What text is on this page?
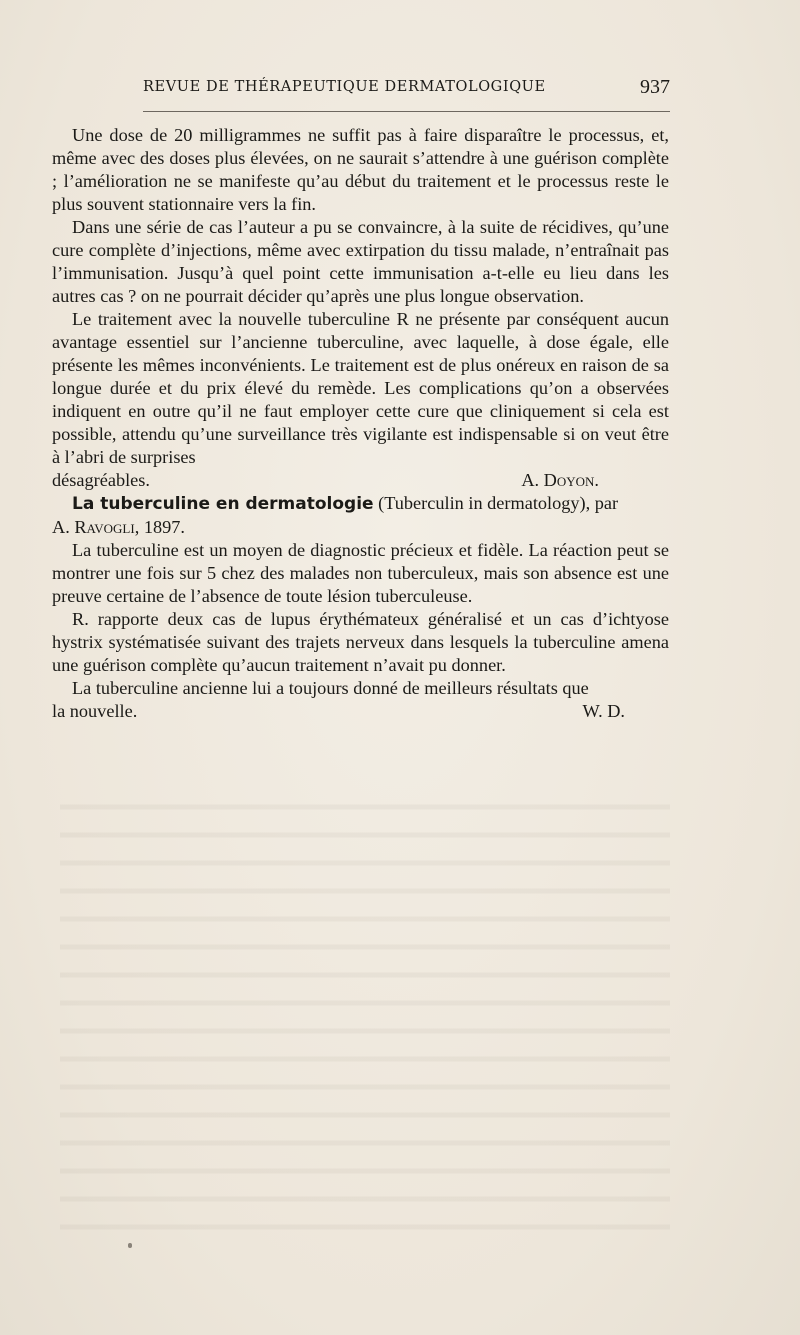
REVUE DE THÉRAPEUTIQUE DERMATOLOGIQUE	937

Une dose de 20 milligrammes ne suffit pas à faire disparaître le processus, et, même avec des doses plus élevées, on ne saurait s’attendre à une guérison complète ; l’amélioration ne se manifeste qu’au début du traitement et le processus reste le plus souvent stationnaire vers la fin.

Dans une série de cas l’auteur a pu se convaincre, à la suite de récidives, qu’une cure complète d’injections, même avec extirpation du tissu malade, n’entraînait pas l’immunisation. Jusqu’à quel point cette immunisation a-t-elle eu lieu dans les autres cas ? on ne pourrait décider qu’après une plus longue observation.

Le traitement avec la nouvelle tuberculine R ne présente par conséquent aucun avantage essentiel sur l’ancienne tuberculine, avec laquelle, à dose égale, elle présente les mêmes inconvénients. Le traitement est de plus onéreux en raison de sa longue durée et du prix élevé du remède. Les complications qu’on a observées indiquent en outre qu’il ne faut employer cette cure que cliniquement si cela est possible, attendu qu’une surveillance très vigilante est indispensable si on veut être à l’abri de surprises

désagréables.	A. Doyon.

La tuberculine en dermatologie (Tuberculin in dermatology), par

A. Ravogli, 1897.

La tuberculine est un moyen de diagnostic précieux et fidèle. La réaction peut se montrer une fois sur 5 chez des malades non tuberculeux, mais son absence est une preuve certaine de l’absence de toute lésion tuberculeuse.

R. rapporte deux cas de lupus érythémateux généralisé et un cas d’ichtyose hystrix systématisée suivant des trajets nerveux dans lesquels la tuberculine amena une guérison complète qu’aucun traitement n’avait pu donner.

La tuberculine ancienne lui a toujours donné de meilleurs résultats que

la nouvelle.	W. D.
